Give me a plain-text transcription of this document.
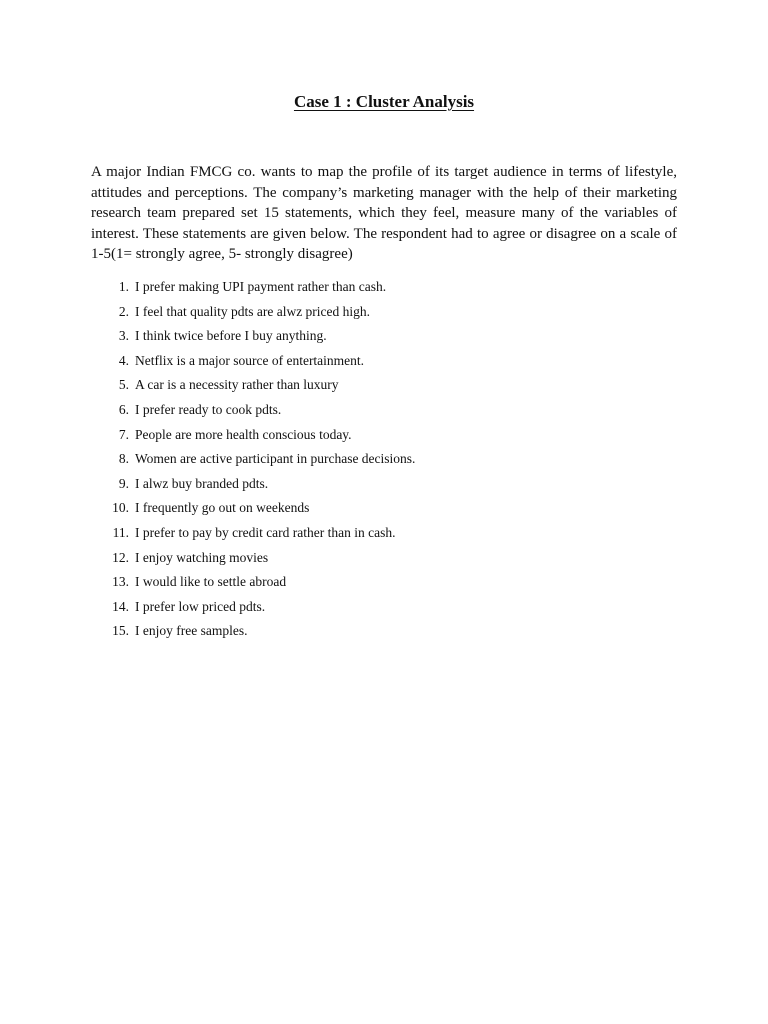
Case 1 : Cluster Analysis

A major Indian FMCG co. wants to map the profile of its target audience in terms of lifestyle, attitudes and perceptions. The company’s marketing manager with the help of their marketing research team prepared set 15 statements, which they feel, measure many of the variables of interest. These statements are given below. The respondent had to agree or disagree on a scale of 1-5(1= strongly agree, 5- strongly disagree)

1. I prefer making UPI payment rather than cash.
2. I feel that quality pdts are alwz priced high.
3. I think twice before I buy anything.
4. Netflix is a major source of entertainment.
5. A car is a necessity rather than luxury
6. I prefer ready to cook pdts.
7. People are more health conscious today.
8. Women are active participant in purchase decisions.
9. I alwz buy branded pdts.
10. I frequently go out on weekends
11. I prefer to pay by credit card rather than in cash.
12. I enjoy watching movies
13. I would like to settle abroad
14. I prefer low priced pdts.
15. I enjoy free samples.
